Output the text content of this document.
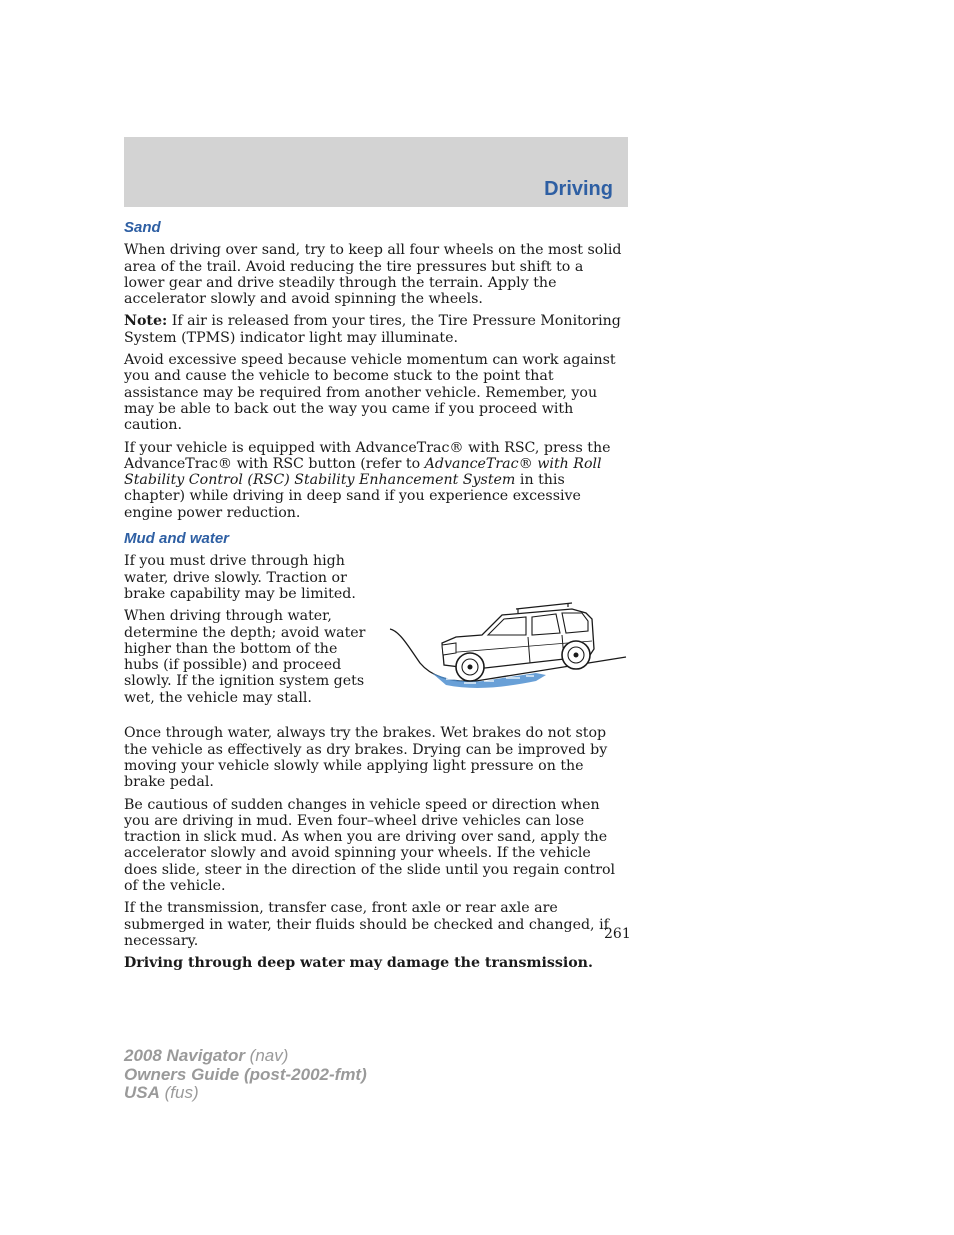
Driving
Sand

When driving over sand, try to keep all four wheels on the most solid area of the trail. Avoid reducing the tire pressures but shift to a lower gear and drive steadily through the terrain. Apply the accelerator slowly and avoid spinning the wheels.

Note: If air is released from your tires, the Tire Pressure Monitoring System (TPMS) indicator light may illuminate.

Avoid excessive speed because vehicle momentum can work against you and cause the vehicle to become stuck to the point that assistance may be required from another vehicle. Remember, you may be able to back out the way you came if you proceed with caution.

If your vehicle is equipped with AdvanceTrac® with RSC, press the AdvanceTrac® with RSC button (refer to AdvanceTrac® with Roll Stability Control (RSC) Stability Enhancement System in this chapter) while driving in deep sand if you experience excessive engine power reduction.

Mud and water

If you must drive through high water, drive slowly. Traction or brake capability may be limited.

When driving through water, determine the depth; avoid water higher than the bottom of the hubs (if possible) and proceed slowly. If the ignition system gets wet, the vehicle may stall.

Once through water, always try the brakes. Wet brakes do not stop the vehicle as effectively as dry brakes. Drying can be improved by moving your vehicle slowly while applying light pressure on the brake pedal.

Be cautious of sudden changes in vehicle speed or direction when you are driving in mud. Even four–wheel drive vehicles can lose traction in slick mud. As when you are driving over sand, apply the accelerator slowly and avoid spinning your wheels. If the vehicle does slide, steer in the direction of the slide until you regain control of the vehicle.

If the transmission, transfer case, front axle or rear axle are submerged in water, their fluids should be checked and changed, if necessary.

Driving through deep water may damage the transmission.

261
2008 Navigator (nav)
Owners Guide (post-2002-fmt)
USA (fus)
